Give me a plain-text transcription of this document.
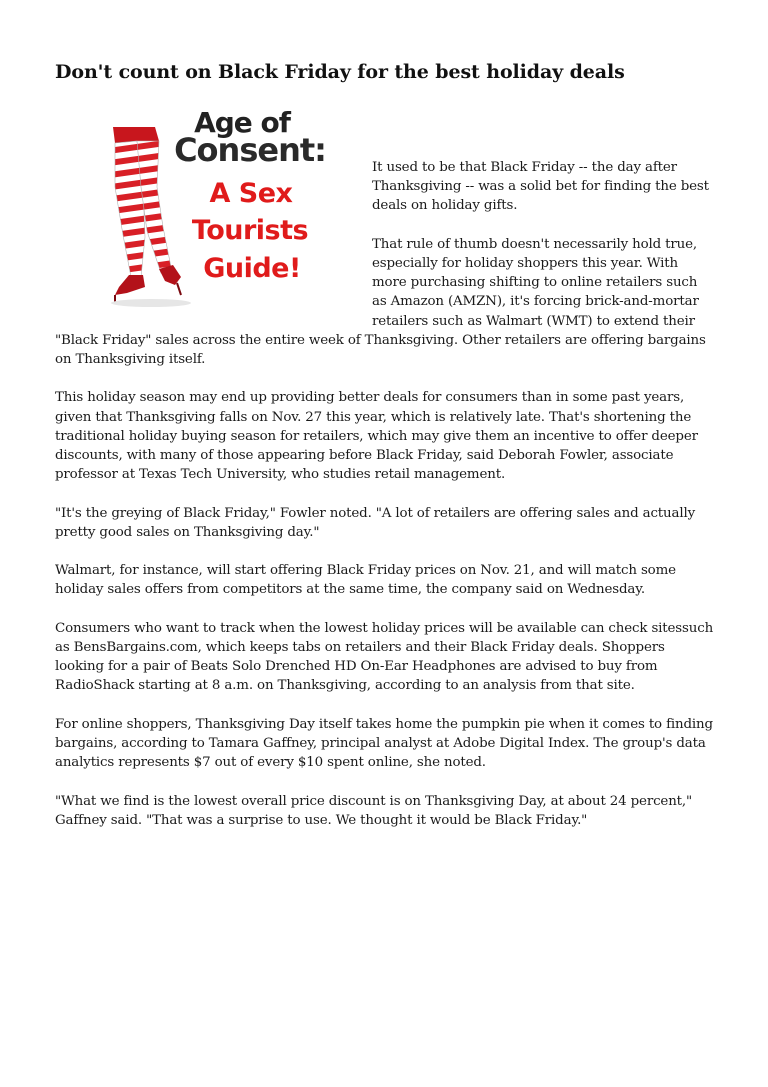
Don't count on Black Friday for the best holiday deals
Age of
Consent:
A Sex
Tourists
Guide!

It used to be that Black Friday -- the day after Thanksgiving -- was a solid bet for finding the best deals on holiday gifts.

That rule of thumb doesn't necessarily hold true, especially for holiday shoppers this year. With more purchasing shifting to online retailers such as Amazon (AMZN), it's forcing brick-and-mortar retailers such as Walmart (WMT) to extend their "Black Friday" sales across the entire week of Thanksgiving. Other retailers are offering bargains on Thanksgiving itself.

This holiday season may end up providing better deals for consumers than in some past years, given that Thanksgiving falls on Nov. 27 this year, which is relatively late. That's shortening the traditional holiday buying season for retailers, which may give them an incentive to offer deeper discounts, with many of those appearing before Black Friday, said Deborah Fowler, associate professor at Texas Tech University, who studies retail management.

"It's the greying of Black Friday," Fowler noted. "A lot of retailers are offering sales and actually pretty good sales on Thanksgiving day."

Walmart, for instance, will start offering Black Friday prices on Nov. 21, and will match some holiday sales offers from competitors at the same time, the company said on Wednesday.

Consumers who want to track when the lowest holiday prices will be available can check sitessuch as BensBargains.com, which keeps tabs on retailers and their Black Friday deals. Shoppers looking for a pair of Beats Solo Drenched HD On-Ear Headphones are advised to buy from RadioShack starting at 8 a.m. on Thanksgiving, according to an analysis from that site.

For online shoppers, Thanksgiving Day itself takes home the pumpkin pie when it comes to finding bargains, according to Tamara Gaffney, principal analyst at Adobe Digital Index. The group's data analytics represents $7 out of every $10 spent online, she noted.

"What we find is the lowest overall price discount is on Thanksgiving Day, at about 24 percent," Gaffney said. "That was a surprise to use. We thought it would be Black Friday."
